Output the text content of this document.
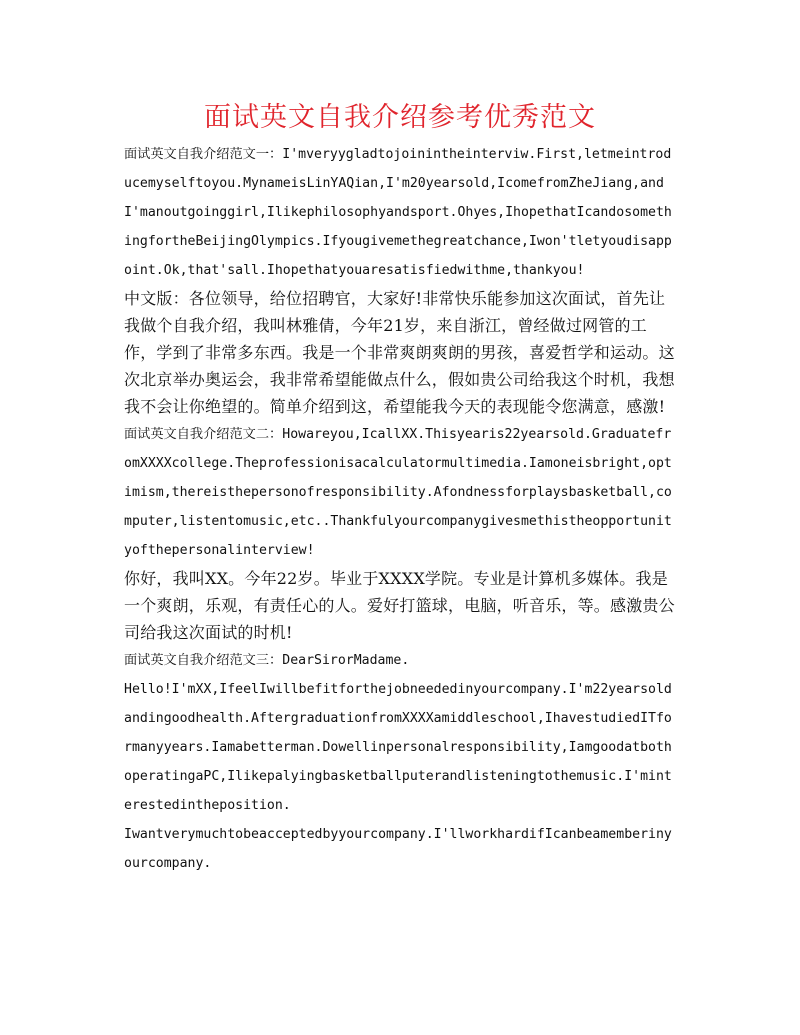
面试英文自我介绍参考优秀范文

面试英文自我介绍范文一：I'mveryygladtojoinintheinterviw.First,letmeintroducemyselftoyou.MynameisLinYAQian,I'm20yearsold,IcomefromZheJiang,andI'manoutgoinggirl,Ilikephilosophyandsport.Ohyes,IhopethatIcandosomethingfortheBeijingOlympics.Ifyougivemethegreatchance,Iwon'tletyoudisappoint.Ok,that'sall.Ihopethatyouaresatisfiedwithme,thankyou!

中文版：各位领导，给位招聘官，大家好!非常快乐能参加这次面试，首先让我做个自我介绍，我叫林雅倩，今年21岁，来自浙江，曾经做过网管的工作，学到了非常多东西。我是一个非常爽朗爽朗的男孩，喜爱哲学和运动。这次北京举办奥运会，我非常希望能做点什么，假如贵公司给我这个时机，我想我不会让你绝望的。简单介绍到这，希望能我今天的表现能令您满意，感激!

面试英文自我介绍范文二：Howareyou,IcallXX.Thisyearis22yearsold.GraduatefromXXXXcollege.Theprofessionisacalculatormultimedia.Iamoneisbright,optimism,thereisthepersonofresponsibility.Afondnessforplaysbasketball,computer,listentomusic,etc..Thankfulyourcompanygivesmethistheopportunityofthepersonalinterview!

你好，我叫XX。今年22岁。毕业于XXXX学院。专业是计算机多媒体。我是一个爽朗，乐观，有责任心的人。爱好打篮球，电脑，听音乐，等。感激贵公司给我这次面试的时机!

面试英文自我介绍范文三：DearSirorMadame.

Hello!I'mXX,IfeelIwillbefitforthejobneededinyourcompany.I'm22yearsoldandingoodhealth.AftergraduationfromXXXXamiddleschool,IhavestudiedITformanyyears.Iamabetterman.Dowellinpersonalresponsibility,IamgoodatbothoperatingaPC,Ilikepalyingbasketballputerandlisteningtothemusic.I'minterestedintheposition.

Iwantverymuchtobeacceptedbyyourcompany.I'llworkhardifIcanbeamemberinyourcompany.
